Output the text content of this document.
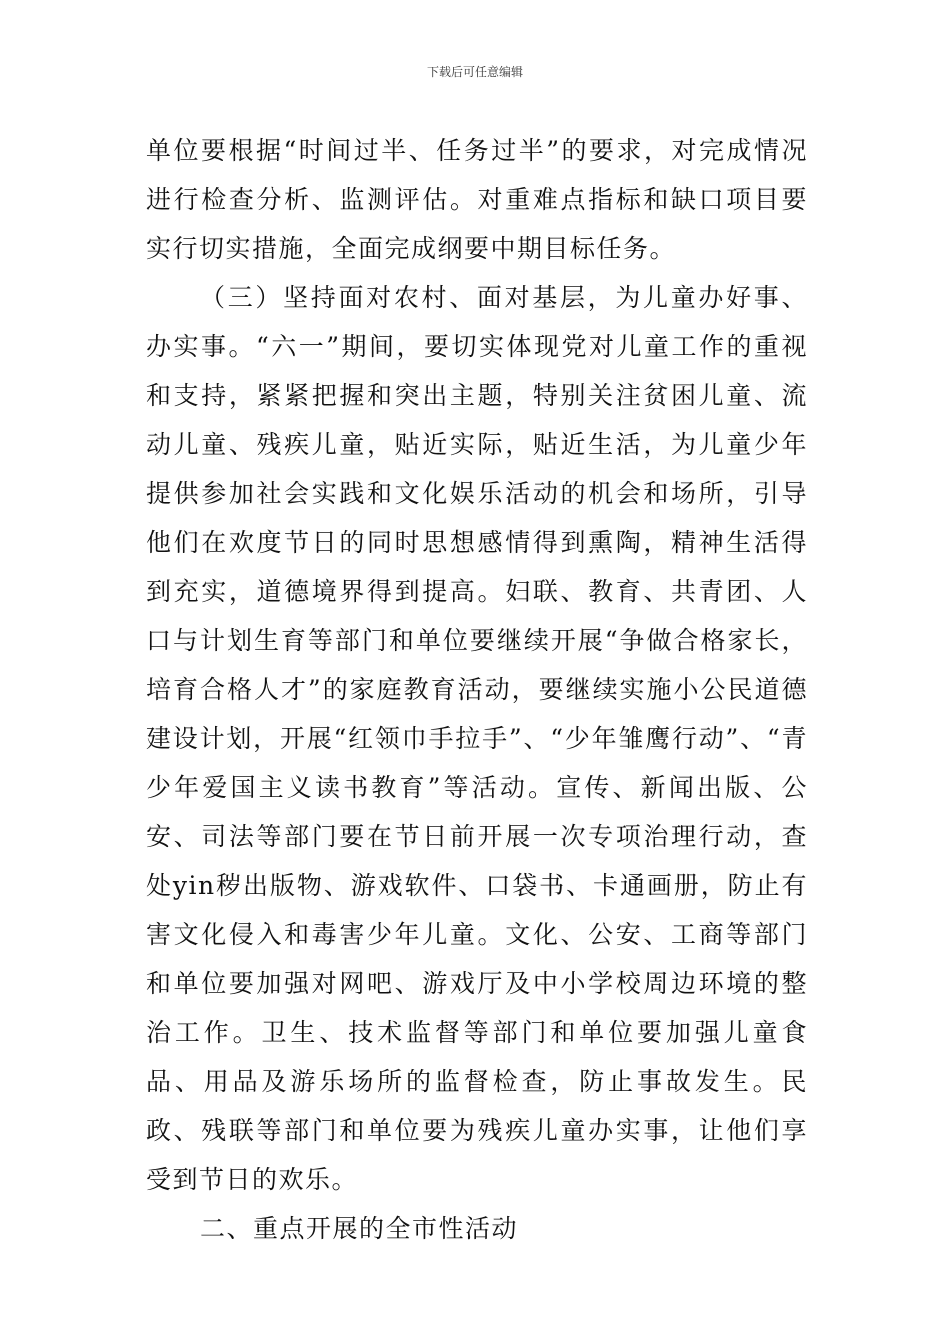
下载后可任意编辑

单位要根据“时间过半、任务过半”的要求，对完成情况进行检查分析、监测评估。对重难点指标和缺口项目要实行切实措施，全面完成纲要中期目标任务。

（三）坚持面对农村、面对基层，为儿童办好事、办实事。“六一”期间，要切实体现党对儿童工作的重视和支持，紧紧把握和突出主题，特别关注贫困儿童、流动儿童、残疾儿童，贴近实际，贴近生活，为儿童少年提供参加社会实践和文化娱乐活动的机会和场所，引导他们在欢度节日的同时思想感情得到熏陶，精神生活得到充实，道德境界得到提高。妇联、教育、共青团、人口与计划生育等部门和单位要继续开展“争做合格家长，培育合格人才”的家庭教育活动，要继续实施小公民道德建设计划，开展“红领巾手拉手”、“少年雏鹰行动”、“青少年爱国主义读书教育”等活动。宣传、新闻出版、公安、司法等部门要在节日前开展一次专项治理行动，查处yin秽出版物、游戏软件、口袋书、卡通画册，防止有害文化侵入和毒害少年儿童。文化、公安、工商等部门和单位要加强对网吧、游戏厅及中小学校周边环境的整治工作。卫生、技术监督等部门和单位要加强儿童食品、用品及游乐场所的监督检查，防止事故发生。民政、残联等部门和单位要为残疾儿童办实事，让他们享受到节日的欢乐。

二、重点开展的全市性活动
